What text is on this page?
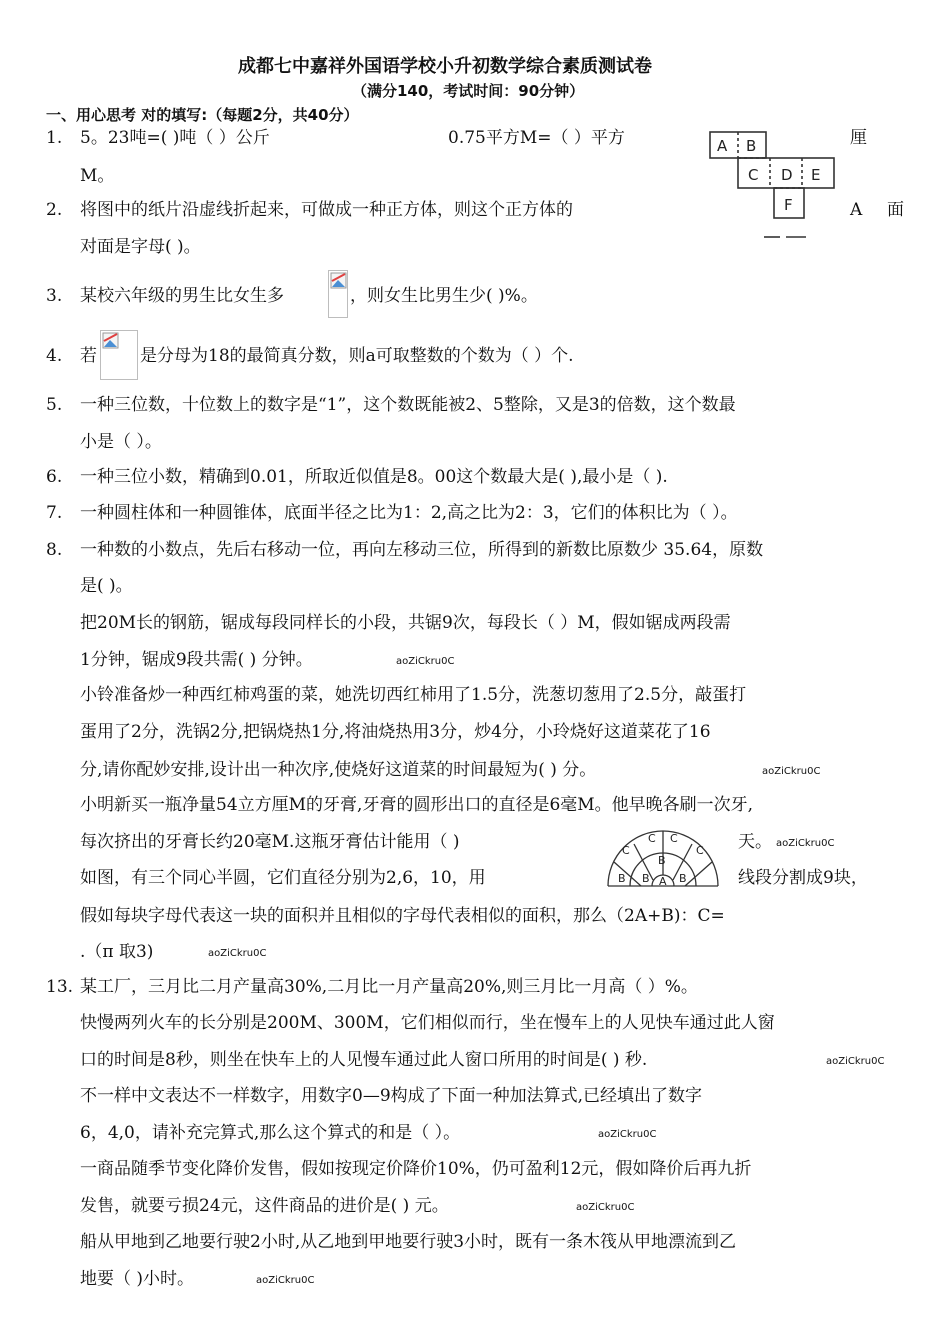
成都七中嘉祥外国语学校小升初数学综合素质测试卷
（满分140，考试时间：90分钟）
一、用心思考 对的填写:（每题2分，共40分）
1. 5。23吨=( )吨（ ）公斤	0.75平方M=（ ）平方	厘
M。
A B
C D E
F
2. 将图中的纸片沿虚线折起来，可做成一种正方体，则这个正方体的	A 面
对面是字母( )。
3. 某校六年级的男生比女生多	，则女生比男生少( )%。
4. 若	是分母为18的最简真分数，则a可取整数的个数为（ ）个.
5. 一种三位数，十位数上的数字是“1”，这个数既能被2、5整除，又是3的倍数，这个数最
小是（ ）。
6. 一种三位小数，精确到0.01，所取近似值是8。00这个数最大是( ),最小是（ ).
7. 一种圆柱体和一种圆锥体，底面半径之比为1：2,高之比为2：3，它们的体积比为（ ）。
8. 一种数的小数点，先后右移动一位，再向左移动三位，所得到的新数比原数少 35.64，原数
是( )。
把20M长的钢筋，锯成每段同样长的小段，共锯9次，每段长（ ）M，假如锯成两段需
1分钟，锯成9段共需( ) 分钟。	aoZiCkru0C
小铃准备炒一种西红柿鸡蛋的菜，她洗切西红柿用了1.5分，洗葱切葱用了2.5分，敲蛋打
蛋用了2分，洗锅2分,把锅烧热1分,将油烧热用3分，炒4分，小玲烧好这道菜花了16
分,请你配妙安排,设计出一种次序,使烧好这道菜的时间最短为( ) 分。	aoZiCkru0C
小明新买一瓶净量54立方厘M的牙膏,牙膏的圆形出口的直径是6毫M。他早晚各刷一次牙,
每次挤出的牙膏长约20毫M.这瓶牙膏估计能用（ )	天。 aoZiCkru0C
C
C C
C
B
B B A B
如图，有三个同心半圆，它们直径分别为2,6，10，用	线段分割成9块，
假如每块字母代表这一块的面积并且相似的字母代表相似的面积，那么（2A+B)：C=
.（π 取3)	aoZiCkru0C
13. 某工厂，三月比二月产量高30%,二月比一月产量高20%,则三月比一月高（ ）%。
快慢两列火车的长分别是200M、300M，它们相似而行，坐在慢车上的人见快车通过此人窗
口的时间是8秒，则坐在快车上的人见慢车通过此人窗口所用的时间是( ) 秒.	aoZiCkru0C
不一样中文表达不一样数字，用数字0—9构成了下面一种加法算式,已经填出了数字
6，4,0，请补充完算式,那么这个算式的和是（ ）。	aoZiCkru0C
一商品随季节变化降价发售，假如按现定价降价10%，仍可盈利12元，假如降价后再九折
发售，就要亏损24元，这件商品的进价是( ) 元。	aoZiCkru0C
船从甲地到乙地要行驶2小时,从乙地到甲地要行驶3小时，既有一条木筏从甲地漂流到乙
地要（ )小时。	aoZiCkru0C
